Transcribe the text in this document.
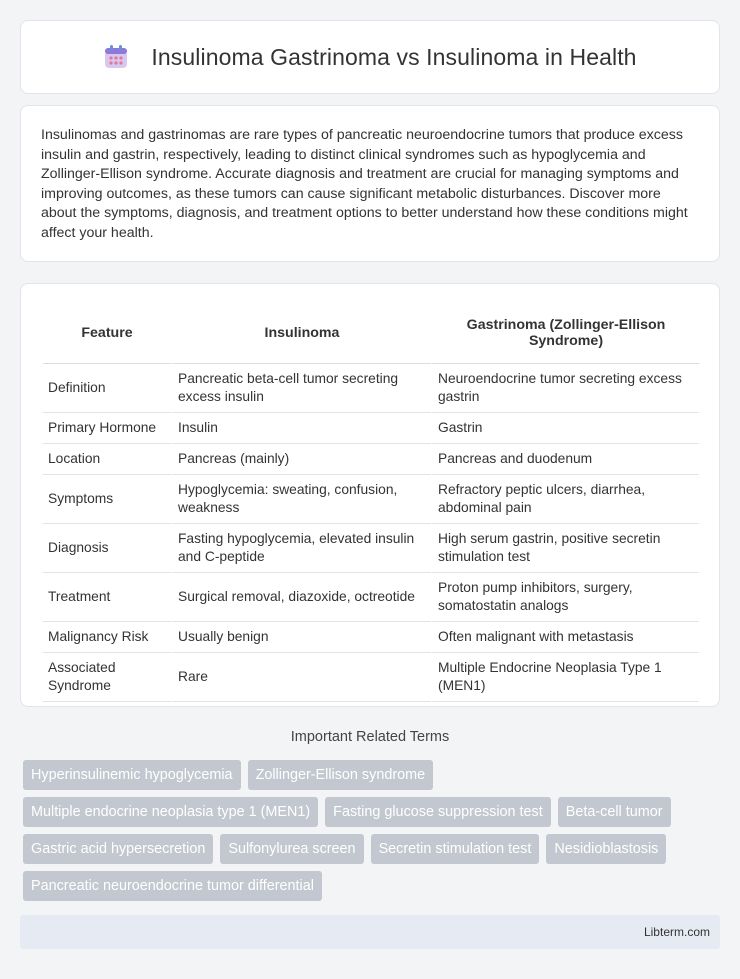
Insulinoma Gastrinoma vs Insulinoma in Health

Insulinomas and gastrinomas are rare types of pancreatic neuroendocrine tumors that produce excess insulin and gastrin, respectively, leading to distinct clinical syndromes such as hypoglycemia and Zollinger-Ellison syndrome. Accurate diagnosis and treatment are crucial for managing symptoms and improving outcomes, as these tumors can cause significant metabolic disturbances. Discover more about the symptoms, diagnosis, and treatment options to better understand how these conditions might affect your health.

Feature	Insulinoma	Gastrinoma (Zollinger-Ellison Syndrome)
Definition	Pancreatic beta-cell tumor secreting excess insulin	Neuroendocrine tumor secreting excess gastrin
Primary Hormone	Insulin	Gastrin
Location	Pancreas (mainly)	Pancreas and duodenum
Symptoms	Hypoglycemia: sweating, confusion, weakness	Refractory peptic ulcers, diarrhea, abdominal pain
Diagnosis	Fasting hypoglycemia, elevated insulin and C-peptide	High serum gastrin, positive secretin stimulation test
Treatment	Surgical removal, diazoxide, octreotide	Proton pump inhibitors, surgery, somatostatin analogs
Malignancy Risk	Usually benign	Often malignant with metastasis
Associated Syndrome	Rare	Multiple Endocrine Neoplasia Type 1 (MEN1)
Important Related Terms
Hyperinsulinemic hypoglycemia	Zollinger-Ellison syndrome
Multiple endocrine neoplasia type 1 (MEN1)	Fasting glucose suppression test	Beta-cell tumor
Gastric acid hypersecretion	Sulfonylurea screen	Secretin stimulation test	Nesidioblastosis
Pancreatic neuroendocrine tumor differential
Libterm.com
